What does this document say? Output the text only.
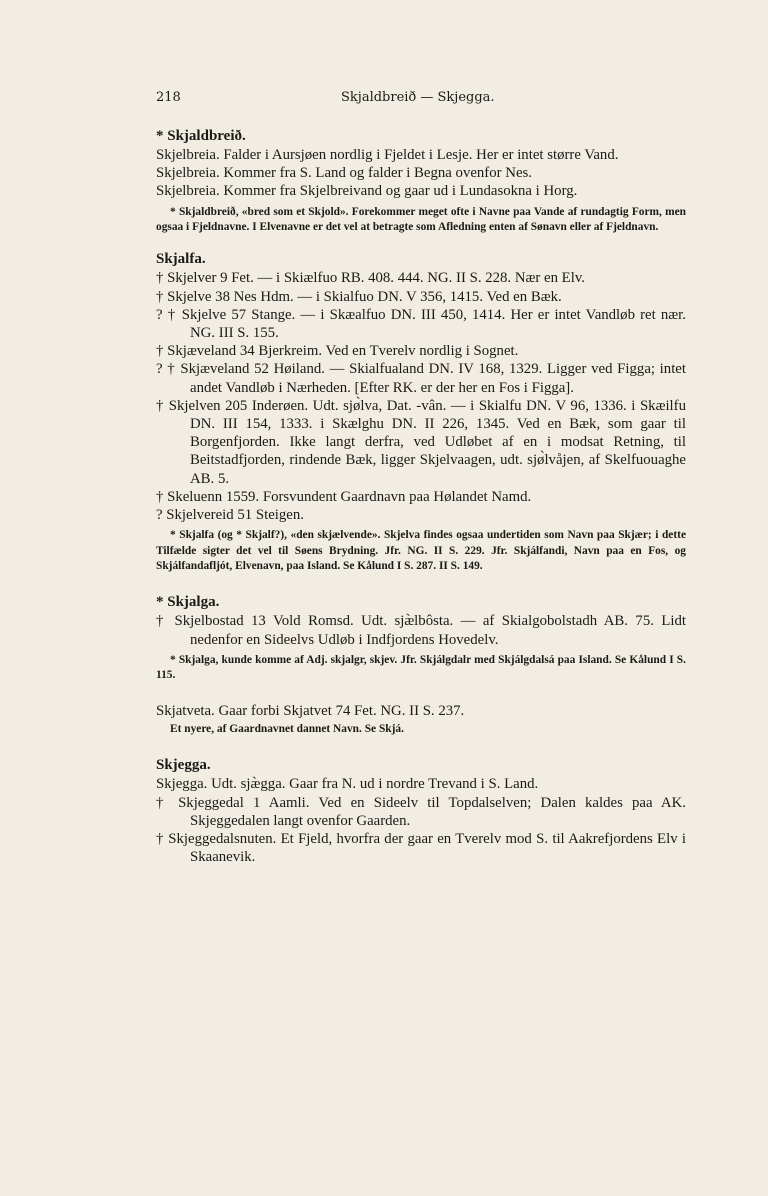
218	Skjaldbreið — Skjegga.
* Skjaldbreið.
Skjelbreia. Falder i Aursjøen nordlig i Fjeldet i Lesje. Her er intet større Vand.
Skjelbreia. Kommer fra S. Land og falder i Begna ovenfor Nes.
Skjelbreia. Kommer fra Skjelbreivand og gaar ud i Lundasokna i Horg.
* Skjaldbreið, «bred som et Skjold». Forekommer meget ofte i Navne paa Vande af rundagtig Form, men ogsaa i Fjeldnavne. I Elvenavne er det vel at betragte som Afledning enten af Sønavn eller af Fjeldnavn.
Skjalfa.
† Skjelver 9 Fet. — i Skiælfuo RB. 408. 444. NG. II S. 228. Nær en Elv.
† Skjelve 38 Nes Hdm. — i Skialfuo DN. V 356, 1415. Ved en Bæk.
? † Skjelve 57 Stange. — i Skæalfuo DN. III 450, 1414. Her er intet Vandløb ret nær. NG. III S. 155.
† Skjæveland 34 Bjerkreim. Ved en Tverelv nordlig i Sognet.
? † Skjæveland 52 Høiland. — Skialfualand DN. IV 168, 1329. Ligger ved Figga; intet andet Vandløb i Nærheden. [Efter RK. er der her en Fos i Figga].
† Skjelven 205 Inderøen. Udt. sjø̀lva, Dat. -vân. — i Skialfu DN. V 96, 1336. i Skæilfu DN. III 154, 1333. i Skælghu DN. II 226, 1345. Ved en Bæk, som gaar til Borgenfjorden. Ikke langt derfra, ved Udløbet af en i modsat Retning, til Beitstadfjorden, rindende Bæk, ligger Skjelvaagen, udt. sjø̀lvåjen, af Skelfuouaghe AB. 5.
† Skeluenn 1559. Forsvundent Gaardnavn paa Hølandet Namd.
? Skjelvereid 51 Steigen.
* Skjalfa (og * Skjalf?), «den skjælvende». Skjelva findes ogsaa undertiden som Navn paa Skjær; i dette Tilfælde sigter det vel til Søens Brydning. Jfr. NG. II S. 229. Jfr. Skjálfandi, Navn paa en Fos, og Skjálfandafljót, Elvenavn, paa Island. Se Kålund I S. 287. II S. 149.
* Skjalga.
† Skjelbostad 13 Vold Romsd. Udt. sjæ̀lbôsta. — af Skialgobolstadh AB. 75. Lidt nedenfor en Sideelvs Udløb i Indfjordens Hovedelv.
* Skjalga, kunde komme af Adj. skjalgr, skjev. Jfr. Skjálgdalr med Skjálgdalsá paa Island. Se Kålund I S. 115.
Skjatveta. Gaar forbi Skjatvet 74 Fet. NG. II S. 237.
Et nyere, af Gaardnavnet dannet Navn. Se Skjá.
Skjegga.
Skjegga. Udt. sjæ̀gga. Gaar fra N. ud i nordre Trevand i S. Land.
† Skjeggedal 1 Aamli. Ved en Sideelv til Topdalselven; Dalen kaldes paa AK. Skjeggedalen langt ovenfor Gaarden.
† Skjeggedalsnuten. Et Fjeld, hvorfra der gaar en Tverelv mod S. til Aakrefjordens Elv i Skaanevik.
